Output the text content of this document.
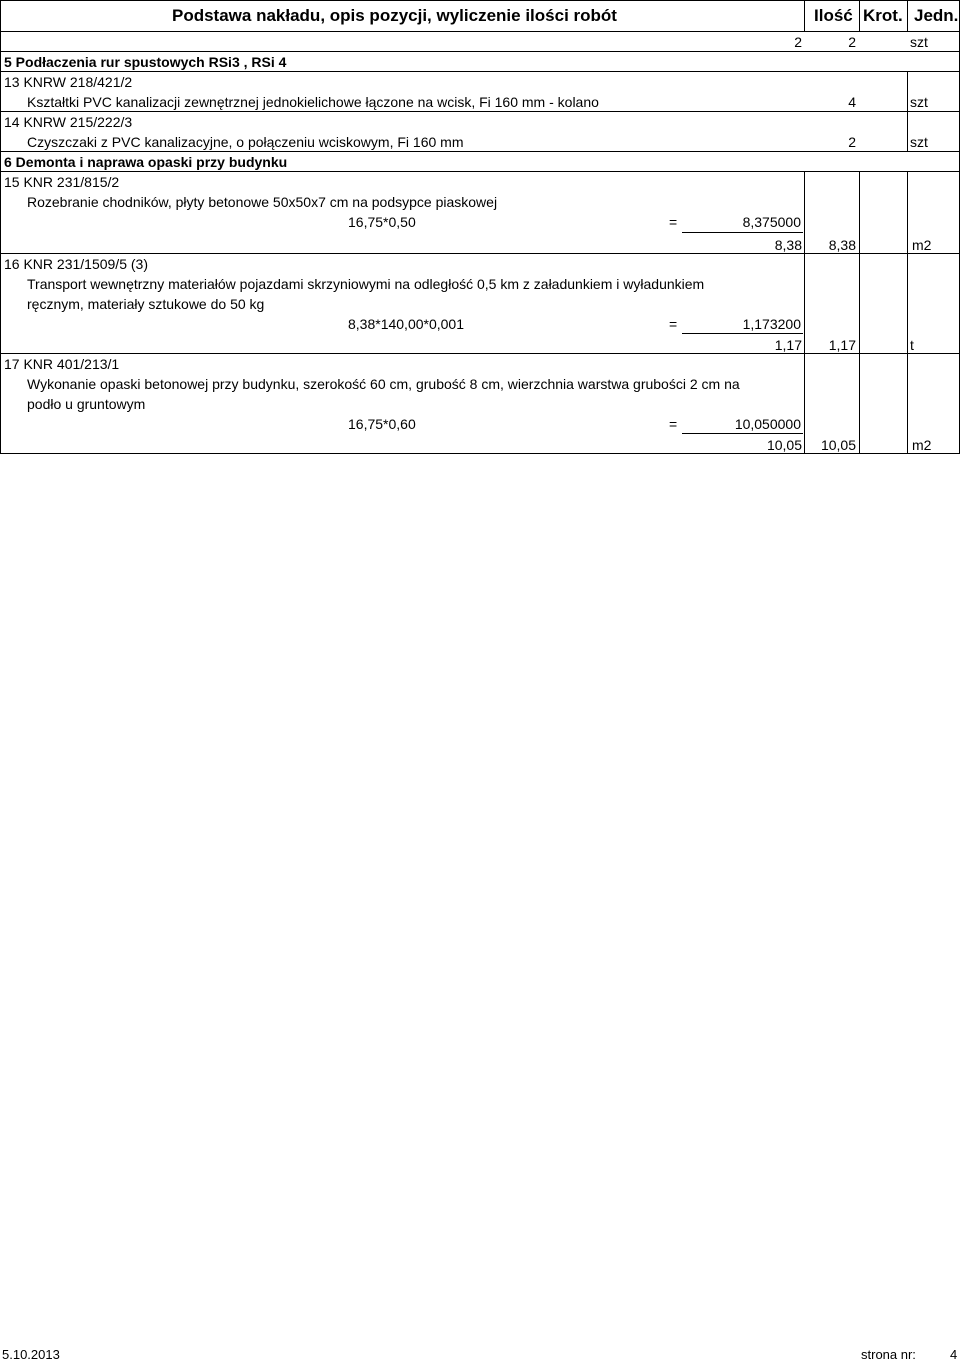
Podstawa nakładu, opis pozycji, wyliczenie ilości robót	Ilość Krot. Jedn.
2	2	szt
5 Podłaczenia rur spustowych RSi3 , RSi 4
13 KNRW 218/421/2
Kształtki PVC kanalizacji zewnętrznej jednokielichowe łączone na wcisk, Fi 160 mm - kolano	4	szt
14 KNRW 215/222/3
Czyszczaki z PVC kanalizacyjne, o połączeniu wciskowym, Fi 160 mm	2	szt
6 Demonta i naprawa opaski przy budynku
15 KNR 231/815/2
Rozebranie chodników, płyty betonowe 50x50x7 cm na podsypce piaskowej
16,75*0,50	=	8,375000
8,38	8,38	m2
16 KNR 231/1509/5 (3)
Transport wewnętrzny materiałów pojazdami skrzyniowymi na odległość 0,5 km z załadunkiem i wyładunkiem
ręcznym, materiały sztukowe do 50 kg
8,38*140,00*0,001	=	1,173200
1,17	1,17	t
17 KNR 401/213/1
Wykonanie opaski betonowej przy budynku, szerokość 60 cm, grubość 8 cm, wierzchnia warstwa grubości 2 cm na
podło u gruntowym
16,75*0,60	=	10,050000
10,05	10,05	m2
5.10.2013	strona nr:	4
